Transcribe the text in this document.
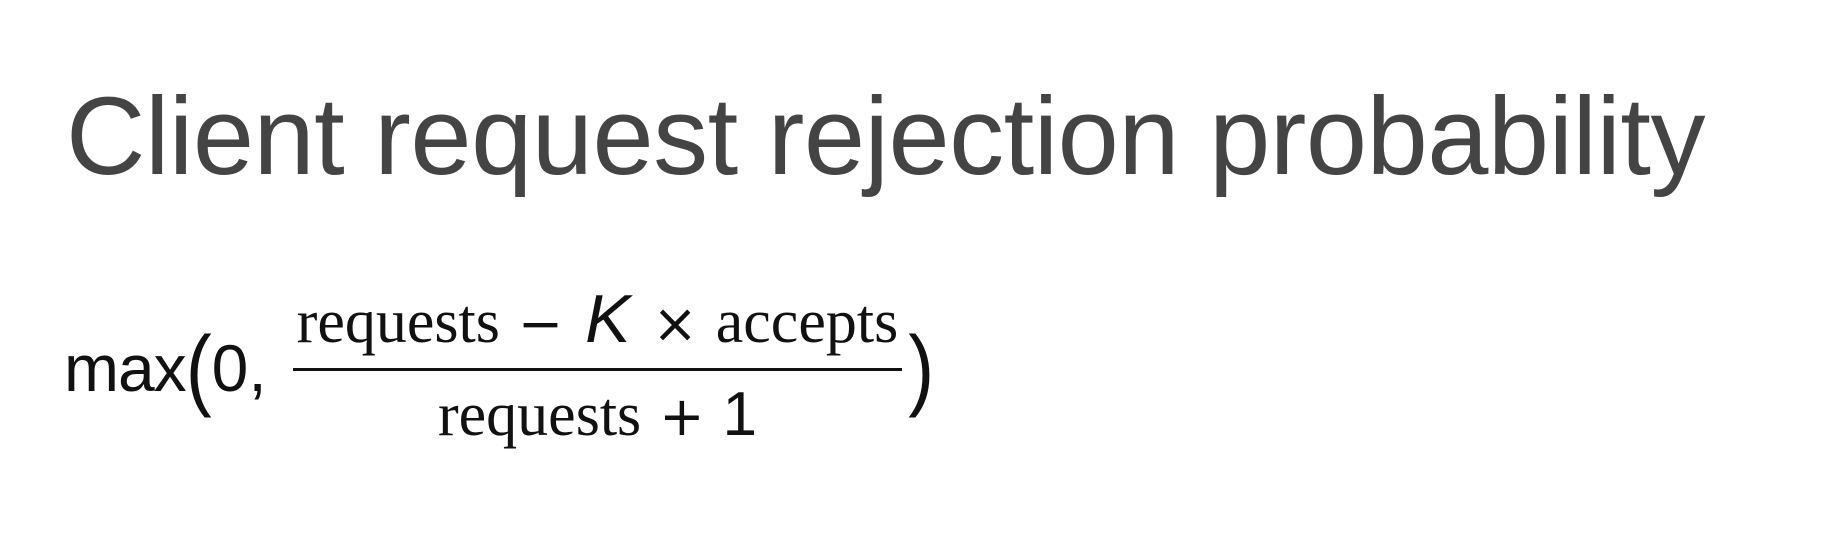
Client request rejection probability
max ( 0 , $\frac{\text{requests − K × accepts}}{\text{requests + 1}}$ )
